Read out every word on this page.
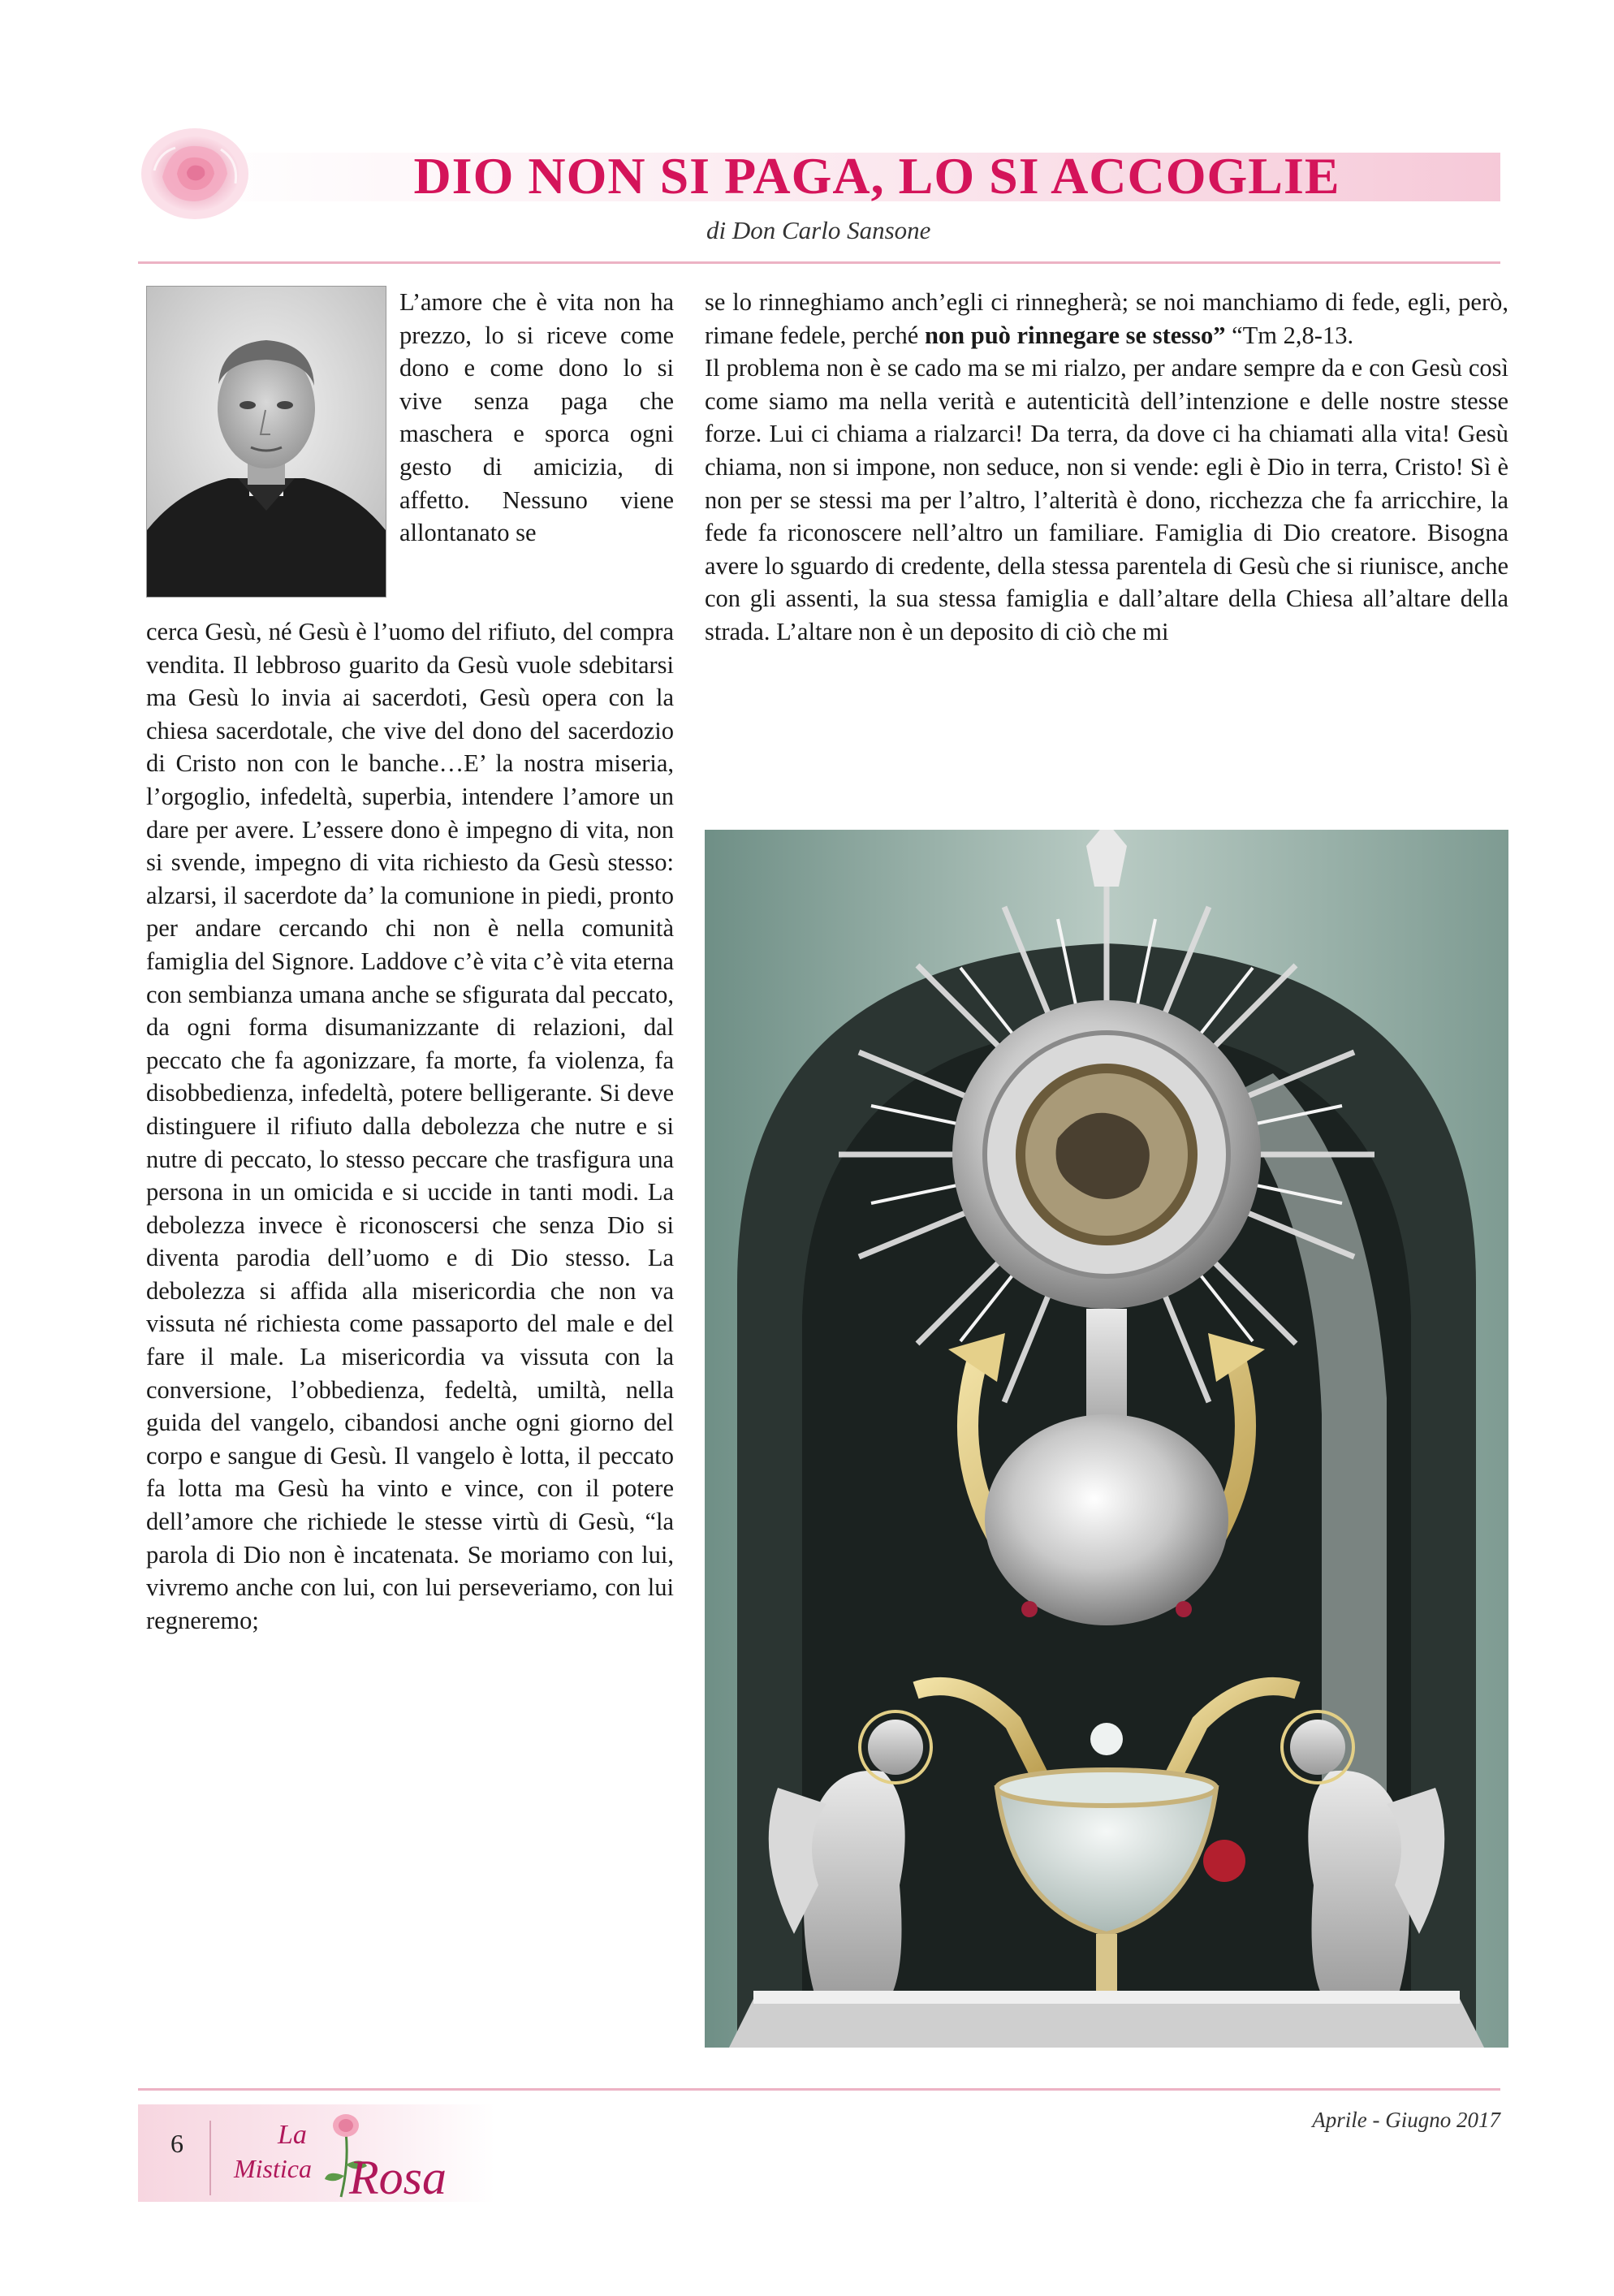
DIO NON SI PAGA, LO SI ACCOGLIE
di Don Carlo Sansone

L’amore che è vita non ha prezzo, lo si riceve come dono e come dono lo si vive senza paga che maschera e sporca ogni gesto di amicizia, di affetto. Nessuno viene allontanato se

cerca Gesù, né Gesù è l’uomo del rifiuto, del compra vendita. Il lebbroso guarito da Gesù vuole sdebitarsi ma Gesù lo invia ai sacerdoti, Gesù opera con la chiesa sacerdotale, che vive del dono del sacerdozio di Cristo non con le banche…E’ la nostra miseria, l’orgoglio, infedeltà, superbia, intendere l’amore un dare per avere. L’essere dono è impegno di vita, non si svende, impegno di vita richiesto da Gesù stesso: alzarsi, il sacerdote da’ la comunione in piedi, pronto per andare cercando chi non è nella comunità famiglia del Signore. Laddove c’è vita c’è vita eterna con sembianza umana anche se sfigurata dal peccato, da ogni forma disumanizzante di relazioni, dal peccato che fa agonizzare, fa morte, fa violenza, fa disobbedienza, infedeltà, potere belligerante. Si deve distinguere il rifiuto dalla debolezza che nutre e si nutre di peccato, lo stesso peccare che trasfigura una persona in un omicida e si uccide in tanti modi. La debolezza invece è riconoscersi che senza Dio si diventa parodia dell’uomo e di Dio stesso. La debolezza si affida alla misericordia che non va vissuta né richiesta come passaporto del male e del fare il male. La misericordia va vissuta con la conversione, l’obbedienza, fedeltà, umiltà, nella guida del vangelo, cibandosi anche ogni giorno del corpo e sangue di Gesù. Il vangelo è lotta, il peccato fa lotta ma Gesù ha vinto e vince, con il potere dell’amore che richiede le stesse virtù di Gesù, “la parola di Dio non è incatenata. Se moriamo con lui, vivremo anche con lui, con lui perseveriamo, con lui regneremo;

se lo rinneghiamo anch’egli ci rinnegherà; se noi manchiamo di fede, egli, però, rimane fedele, perché non può rinnegare se stesso” “Tm 2,8-13.

Il problema non è se cado ma se mi rialzo, per andare sempre da e con Gesù così come siamo ma nella verità e autenticità dell’intenzione e delle nostre stesse forze. Lui ci chiama a rialzarci! Da terra, da dove ci ha chiamati alla vita! Gesù chiama, non si impone, non seduce, non si vende: egli è Dio in terra, Cristo! Sì è non per se stessi ma per l’altro, l’alterità è dono, ricchezza che fa arricchire, la fede fa riconoscere nell’altro un familiare. Famiglia di Dio creatore. Bisogna avere lo sguardo di credente, della stessa parentela di Gesù che si riunisce, anche con gli assenti, la sua stessa famiglia e dall’altare della Chiesa all’altare della strada. L’altare non è un deposito di ciò che mi

6	La
Mistica Rosa
Aprile - Giugno 2017
